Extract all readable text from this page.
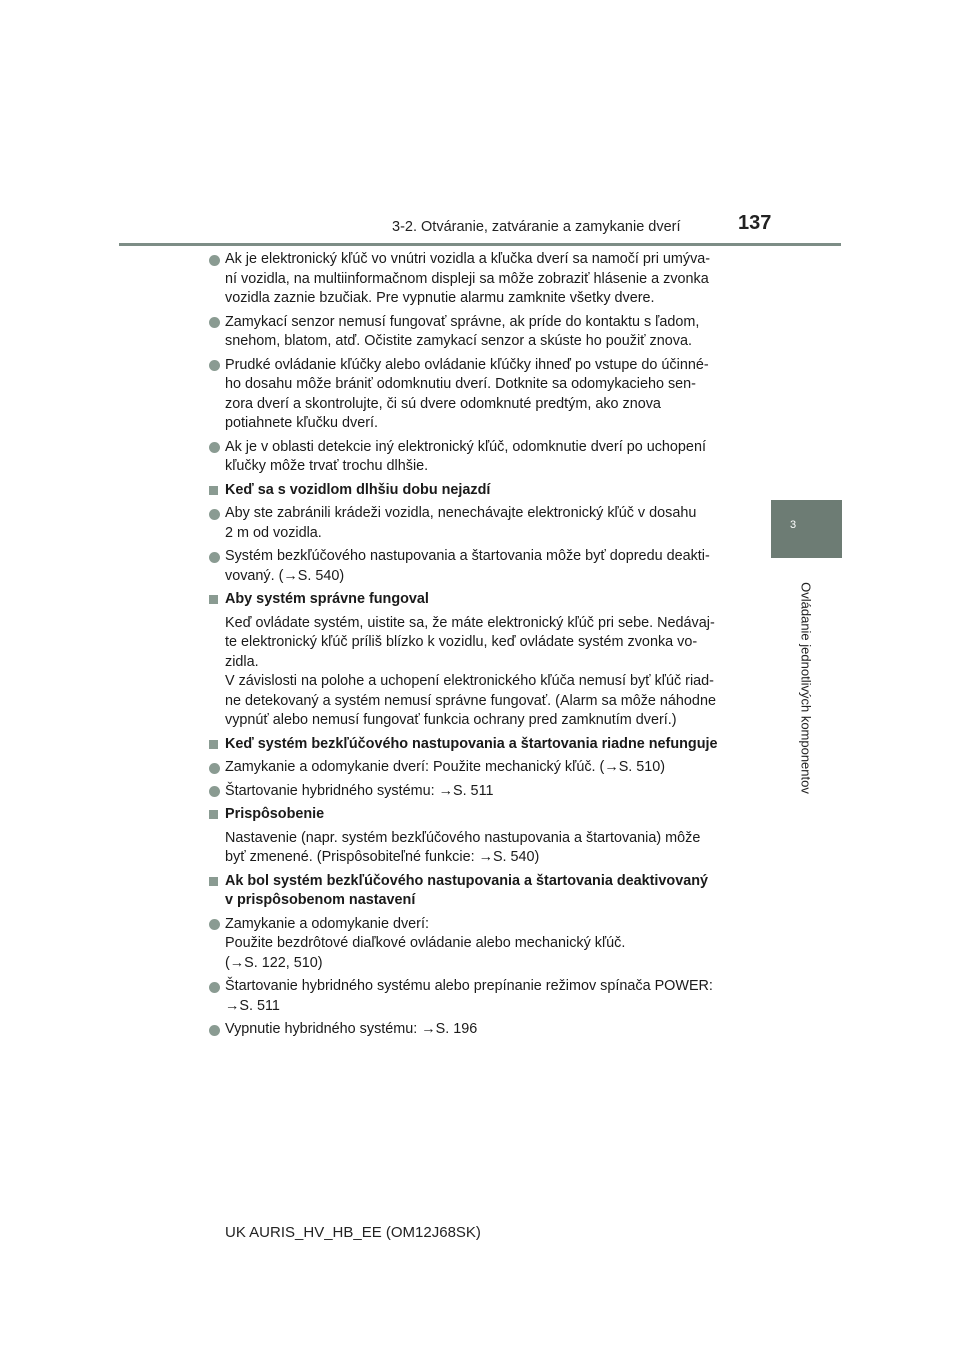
3-2. Otváranie, zatváranie a zamykanie dverí	137
3
Ovládanie jednotlivých komponentov
Ak je elektronický kľúč vo vnútri vozidla a kľučka dverí sa namočí pri umýva-
ní vozidla, na multiinformačnom displeji sa môže zobraziť hlásenie a zvonka
vozidla zaznie bzučiak. Pre vypnutie alarmu zamknite všetky dvere.
Zamykací senzor nemusí fungovať správne, ak príde do kontaktu s ľadom,
snehom, blatom, atď. Očistite zamykací senzor a skúste ho použiť znova.
Prudké ovládanie kľúčky alebo ovládanie kľúčky ihneď po vstupe do účinné-
ho dosahu môže brániť odomknutiu dverí. Dotknite sa odomykacieho sen-
zora dverí a skontrolujte, či sú dvere odomknuté predtým, ako znova
potiahnete kľučku dverí.
Ak je v oblasti detekcie iný elektronický kľúč, odomknutie dverí po uchopení
kľučky môže trvať trochu dlhšie.
Keď sa s vozidlom dlhšiu dobu nejazdí
Aby ste zabránili krádeži vozidla, nenechávajte elektronický kľúč v dosahu
2 m od vozidla.
Systém bezkľúčového nastupovania a štartovania môže byť dopredu deakti-
vovaný. (→S. 540)
Aby systém správne fungoval
Keď ovládate systém, uistite sa, že máte elektronický kľúč pri sebe. Nedávaj-
te elektronický kľúč príliš blízko k vozidlu, keď ovládate systém zvonka vo-
zidla.
V závislosti na polohe a uchopení elektronického kľúča nemusí byť kľúč riad-
ne detekovaný a systém nemusí správne fungovať. (Alarm sa môže náhodne
vypnúť alebo nemusí fungovať funkcia ochrany pred zamknutím dverí.)
Keď systém bezkľúčového nastupovania a štartovania riadne nefunguje
Zamykanie a odomykanie dverí: Použite mechanický kľúč. (→S. 510)
Štartovanie hybridného systému: →S. 511
Prispôsobenie
Nastavenie (napr. systém bezkľúčového nastupovania a štartovania) môže
byť zmenené. (Prispôsobiteľné funkcie: →S. 540)
Ak bol systém bezkľúčového nastupovania a štartovania deaktivovaný
v prispôsobenom nastavení
Zamykanie a odomykanie dverí:
Použite bezdrôtové diaľkové ovládanie alebo mechanický kľúč.
(→S. 122, 510)
Štartovanie hybridného systému alebo prepínanie režimov spínača POWER:
→S. 511
Vypnutie hybridného systému: →S. 196
UK AURIS_HV_HB_EE (OM12J68SK)
